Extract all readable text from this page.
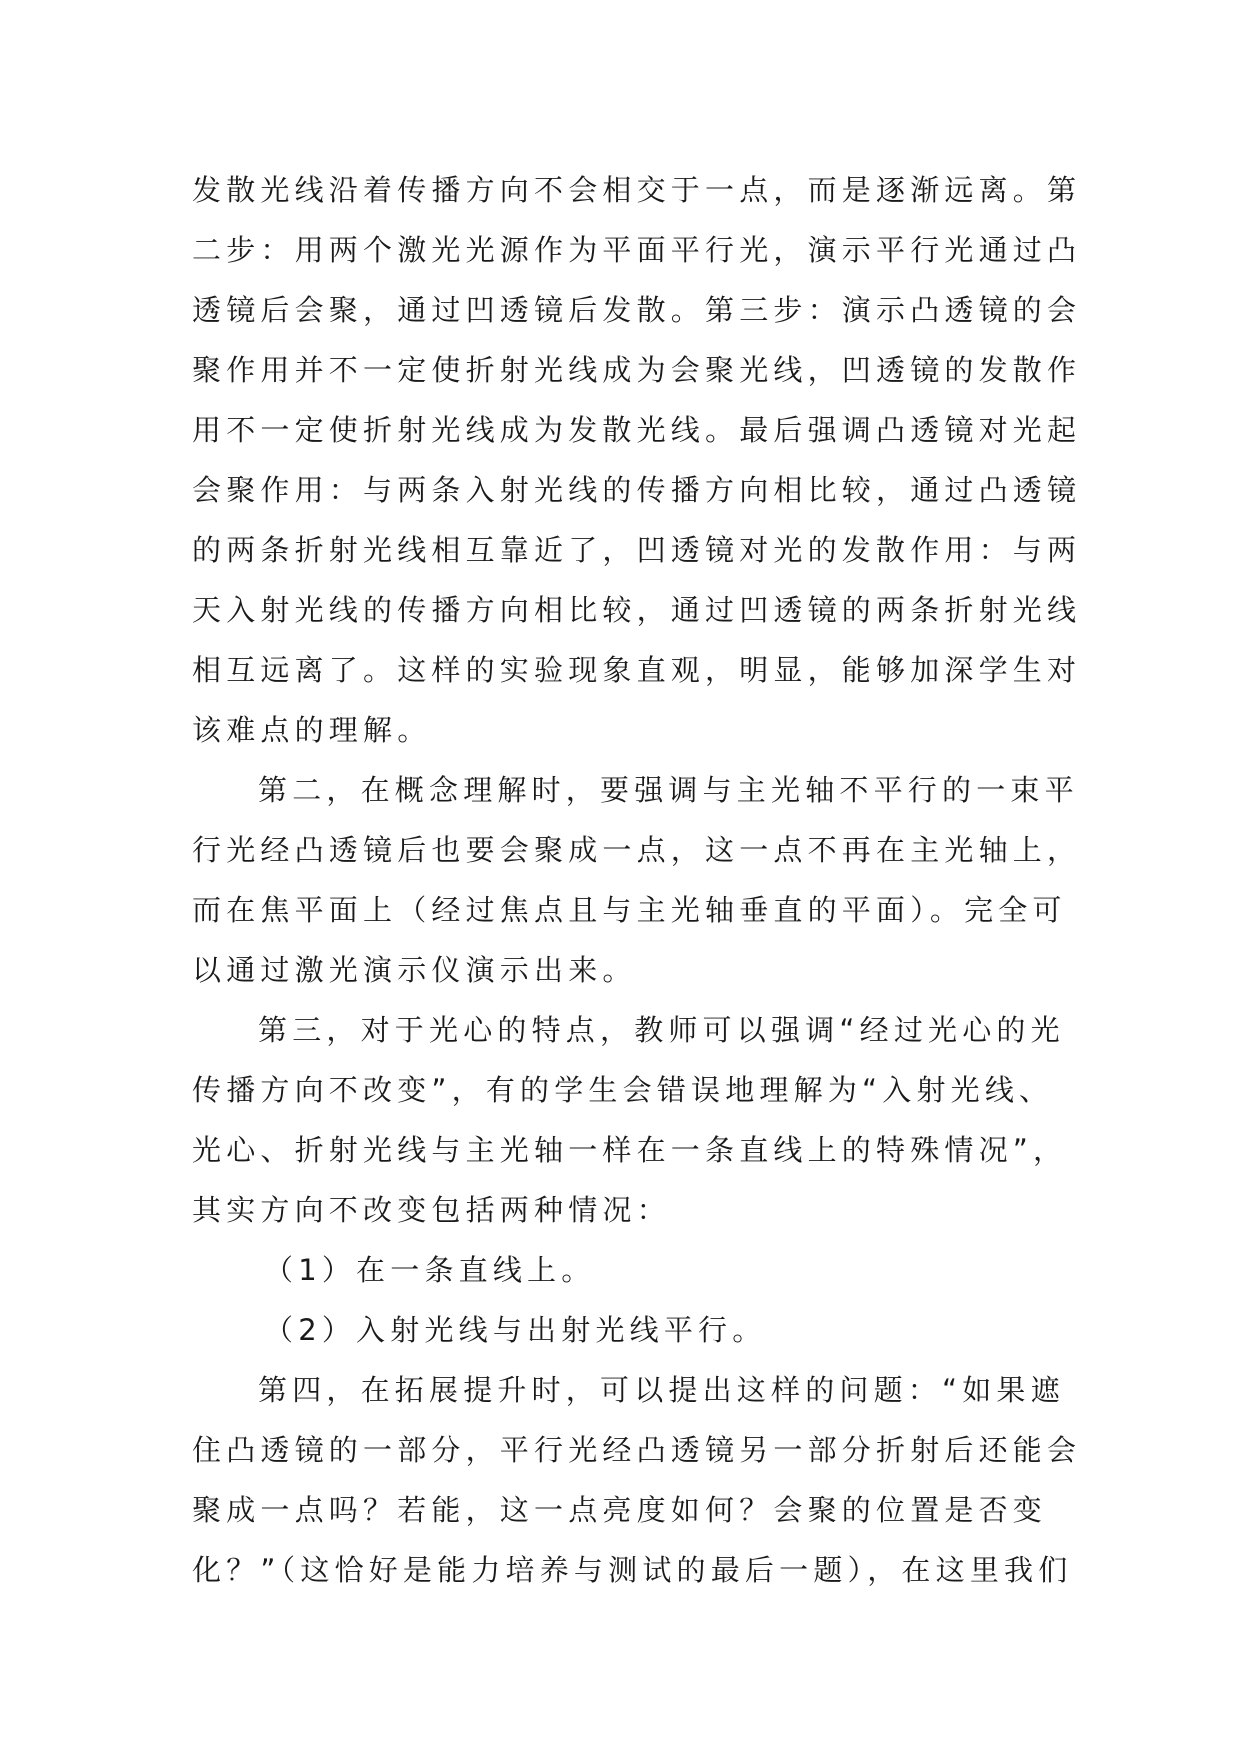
发散光线沿着传播方向不会相交于一点，而是逐渐远离。第
二步：用两个激光光源作为平面平行光，演示平行光通过凸
透镜后会聚，通过凹透镜后发散。第三步：演示凸透镜的会
聚作用并不一定使折射光线成为会聚光线，凹透镜的发散作
用不一定使折射光线成为发散光线。最后强调凸透镜对光起
会聚作用：与两条入射光线的传播方向相比较，通过凸透镜
的两条折射光线相互靠近了，凹透镜对光的发散作用：与两
天入射光线的传播方向相比较，通过凹透镜的两条折射光线
相互远离了。这样的实验现象直观，明显，能够加深学生对
该难点的理解。
第二，在概念理解时，要强调与主光轴不平行的一束平
行光经凸透镜后也要会聚成一点，这一点不再在主光轴上，
而在焦平面上（经过焦点且与主光轴垂直的平面）。完全可
以通过激光演示仪演示出来。
第三，对于光心的特点，教师可以强调“经过光心的光
传播方向不改变”，有的学生会错误地理解为“入射光线、
光心、折射光线与主光轴一样在一条直线上的特殊情况”，
其实方向不改变包括两种情况：
（1）在一条直线上。
（2）入射光线与出射光线平行。
第四，在拓展提升时，可以提出这样的问题：“如果遮
住凸透镜的一部分，平行光经凸透镜另一部分折射后还能会
聚成一点吗？若能，这一点亮度如何？会聚的位置是否变
化？”（这恰好是能力培养与测试的最后一题），在这里我们
